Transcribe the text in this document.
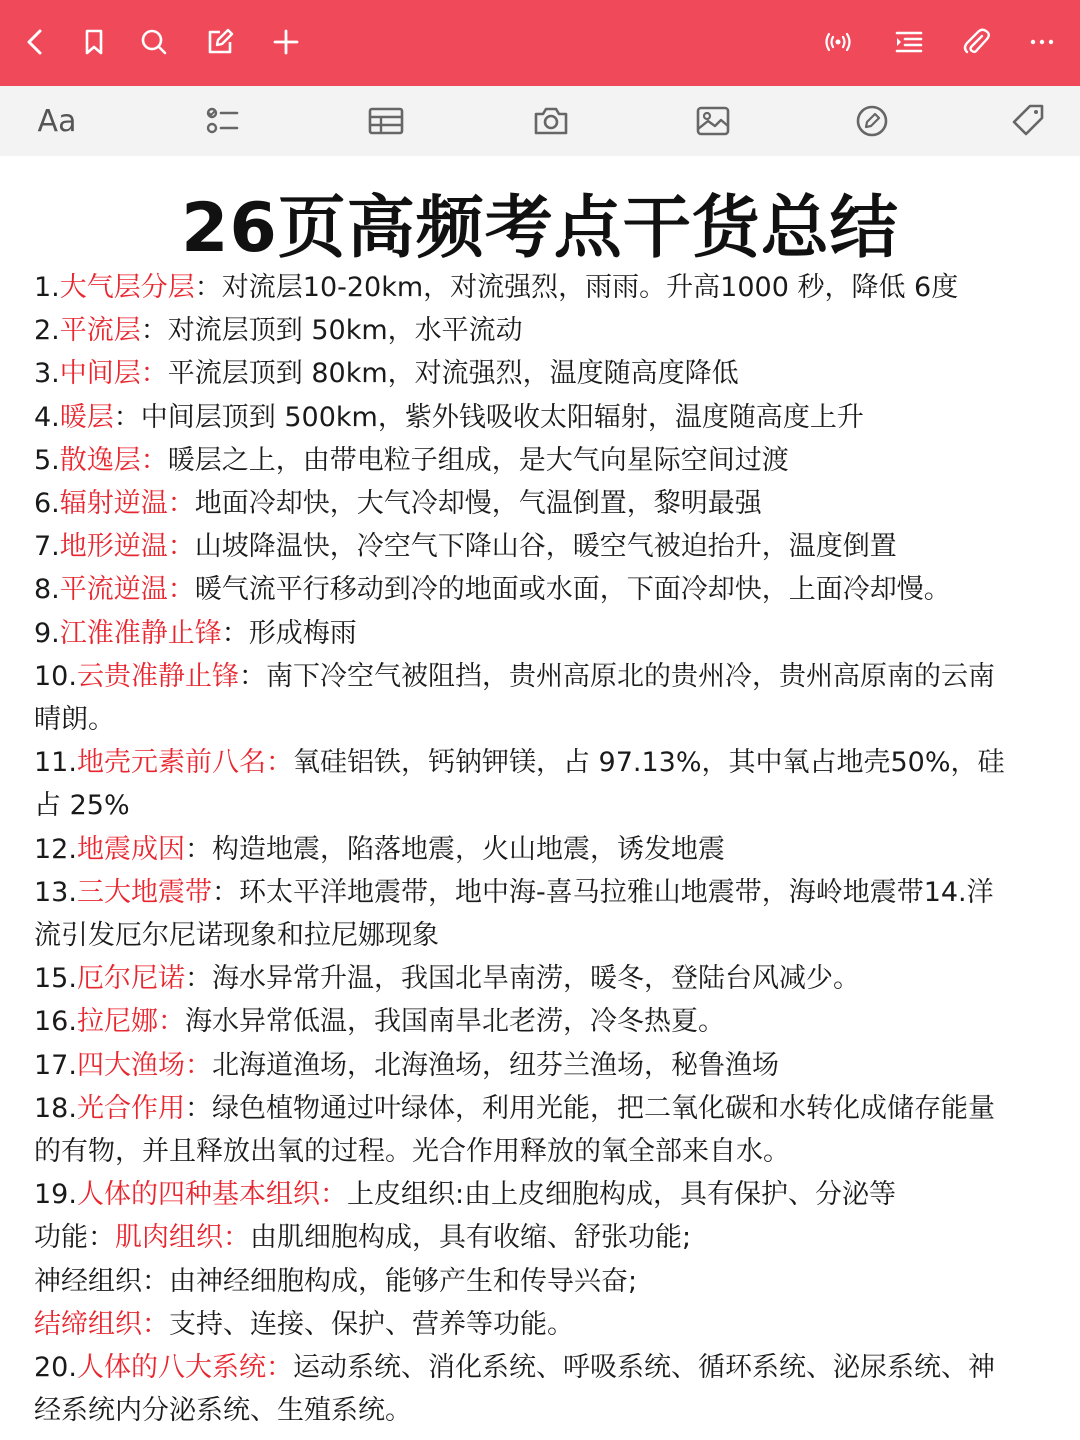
Aa
26页高频考点干货总结
1.大气层分层：对流层10-20km，对流强烈，雨雨。升高1000 秒，降低 6度
2.平流层：对流层顶到 50km，水平流动
3.中间层：平流层顶到 80km，对流强烈，温度随高度降低
4.暖层：中间层顶到 500km，紫外钱吸收太阳辐射，温度随高度上升
5.散逸层：暖层之上，由带电粒子组成，是大气向星际空间过渡
6.辐射逆温：地面冷却快，大气冷却慢，气温倒置，黎明最强
7.地形逆温：山坡降温快，冷空气下降山谷，暖空气被迫抬升，温度倒置
8.平流逆温：暖气流平行移动到冷的地面或水面，下面冷却快，上面冷却慢。
9.江淮准静止锋：形成梅雨
10.云贵准静止锋：南下冷空气被阻挡，贵州高原北的贵州冷，贵州高原南的云南
晴朗。
11.地壳元素前八名：氧硅铝铁，钙钠钾镁，占 97.13%，其中氧占地壳50%，硅
占 25%
12.地震成因：构造地震，陷落地震，火山地震，诱发地震
13.三大地震带：环太平洋地震带，地中海-喜马拉雅山地震带，海岭地震带14.洋
流引发厄尔尼诺现象和拉尼娜现象
15.厄尔尼诺：海水异常升温，我国北旱南涝，暖冬，登陆台风减少。
16.拉尼娜：海水异常低温，我国南旱北老涝，冷冬热夏。
17.四大渔场：北海道渔场，北海渔场，纽芬兰渔场，秘鲁渔场
18.光合作用：绿色植物通过叶绿体，利用光能，把二氧化碳和水转化成储存能量
的有物，并且释放出氧的过程。光合作用释放的氧全部来自水。
19.人体的四种基本组织：上皮组织:由上皮细胞构成，具有保护、分泌等
功能：肌肉组织：由肌细胞构成，具有收缩、舒张功能;
神经组织：由神经细胞构成，能够产生和传导兴奋;
结缔组织：支持、连接、保护、营养等功能。
20.人体的八大系统：运动系统、消化系统、呼吸系统、循环系统、泌尿系统、神
经系统内分泌系统、生殖系统。
